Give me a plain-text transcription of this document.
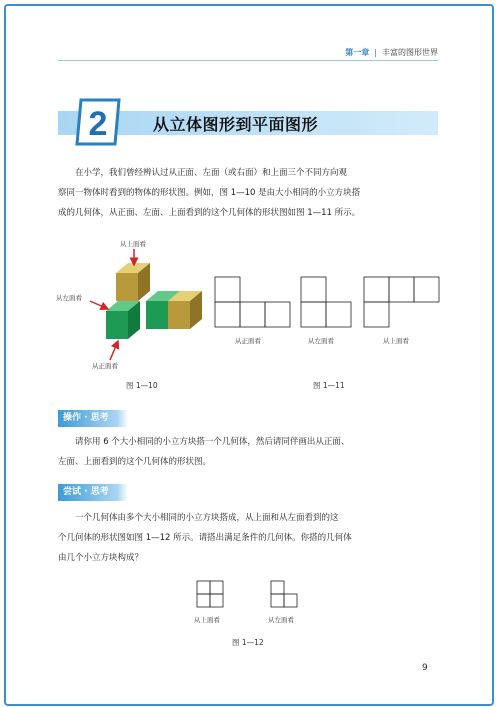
第一章 | 丰富的图形世界
2	从立体图形到平面图形

在小学，我们曾经辨认过从正面、左面（或右面）和上面三个不同方向观
察同一物体时看到的物体的形状图。例如，图 1—10 是由大小相同的小立方块搭
成的几何体，从正面、左面、上面看到的这个几何体的形状图如图 1—11 所示。

从上面看
从左面看
从正面看
图 1—10
从正面看	从左面看	从上面看
图 1—11
操作 · 思考

请你用 6 个大小相同的小立方块搭一个几何体，然后请同伴画出从正面、
左面、上面看到的这个几何体的形状图。

尝试 · 思考

一个几何体由多个大小相同的小立方块搭成，从上面和从左面看到的这
个几何体的形状图如图 1—12 所示。请搭出满足条件的几何体。你搭的几何体
由几个小立方块构成？

从上面看	从左面看
图 1—12
9
